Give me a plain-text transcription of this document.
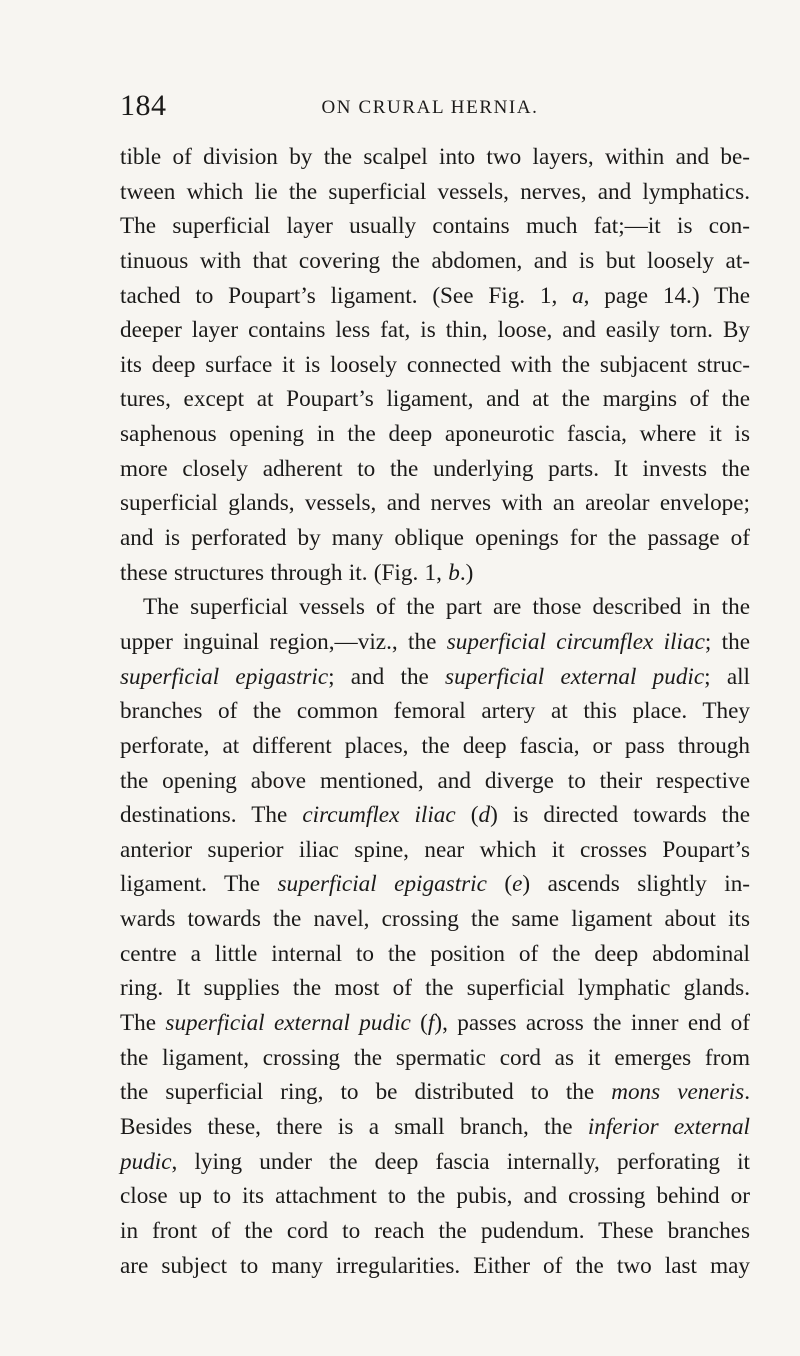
184	ON CRURAL HERNIA.
tible of division by the scalpel into two layers, within and be-
tween which lie the superficial vessels, nerves, and lymphatics.
The superficial layer usually contains much fat;—it is con-
tinuous with that covering the abdomen, and is but loosely at-
tached to Poupart’s ligament. (See Fig. 1, a, page 14.) The
deeper layer contains less fat, is thin, loose, and easily torn. By
its deep surface it is loosely connected with the subjacent struc-
tures, except at Poupart’s ligament, and at the margins of the
saphenous opening in the deep aponeurotic fascia, where it is
more closely adherent to the underlying parts. It invests the
superficial glands, vessels, and nerves with an areolar envelope;
and is perforated by many oblique openings for the passage of
these structures through it. (Fig. 1, b.)
The superficial vessels of the part are those described in the
upper inguinal region,—viz., the superficial circumflex iliac; the
superficial epigastric; and the superficial external pudic; all
branches of the common femoral artery at this place. They
perforate, at different places, the deep fascia, or pass through
the opening above mentioned, and diverge to their respective
destinations. The circumflex iliac (d) is directed towards the
anterior superior iliac spine, near which it crosses Poupart’s
ligament. The superficial epigastric (e) ascends slightly in-
wards towards the navel, crossing the same ligament about its
centre a little internal to the position of the deep abdominal
ring. It supplies the most of the superficial lymphatic glands.
The superficial external pudic (f), passes across the inner end of
the ligament, crossing the spermatic cord as it emerges from
the superficial ring, to be distributed to the mons veneris.
Besides these, there is a small branch, the inferior external
pudic, lying under the deep fascia internally, perforating it
close up to its attachment to the pubis, and crossing behind or
in front of the cord to reach the pudendum. These branches
are subject to many irregularities. Either of the two last may
